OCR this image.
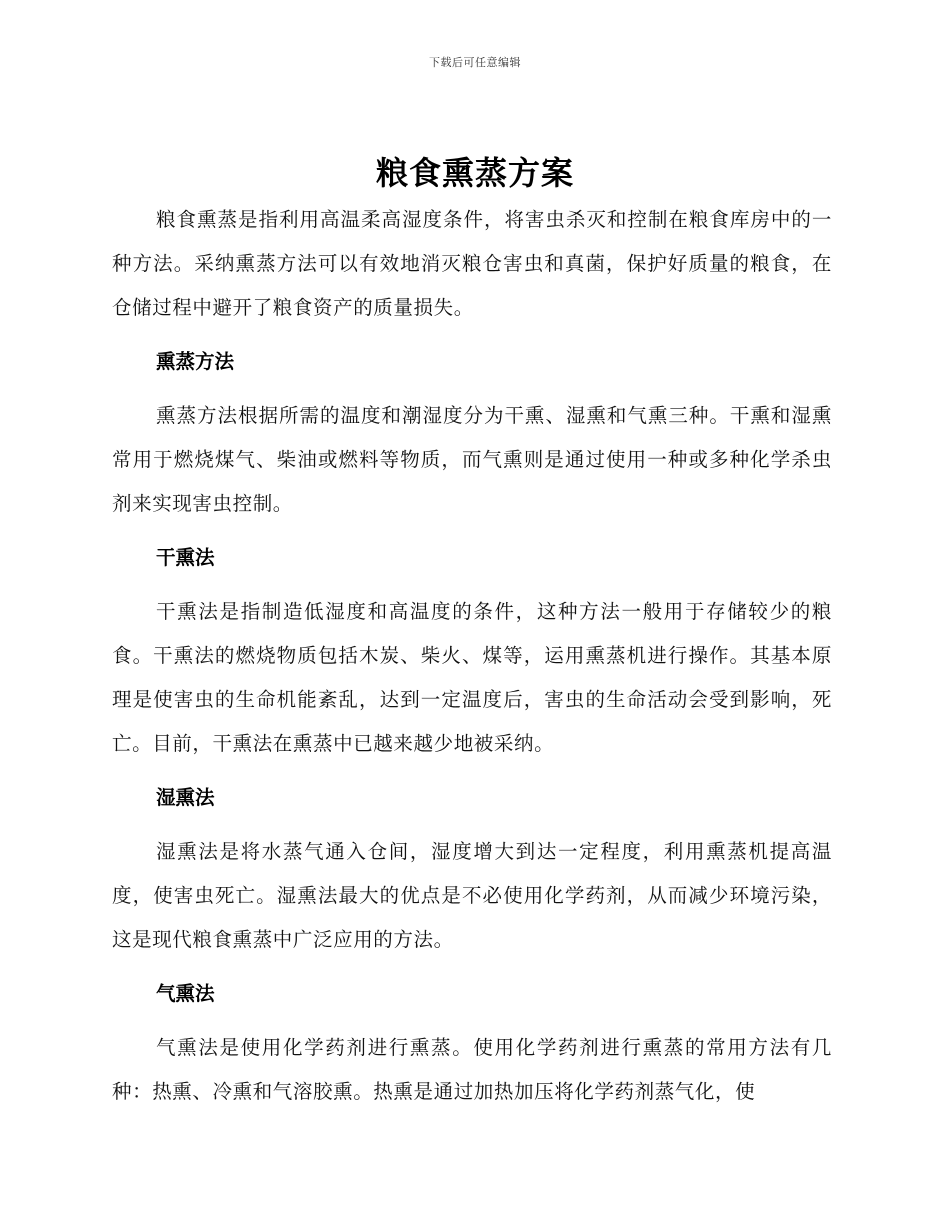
下载后可任意编辑
粮食熏蒸方案

粮食熏蒸是指利用高温柔高湿度条件，将害虫杀灭和控制在粮食库房中的一种方法。采纳熏蒸方法可以有效地消灭粮仓害虫和真菌，保护好质量的粮食，在仓储过程中避开了粮食资产的质量损失。

熏蒸方法

熏蒸方法根据所需的温度和潮湿度分为干熏、湿熏和气熏三种。干熏和湿熏常用于燃烧煤气、柴油或燃料等物质，而气熏则是通过使用一种或多种化学杀虫剂来实现害虫控制。

干熏法

干熏法是指制造低湿度和高温度的条件，这种方法一般用于存储较少的粮食。干熏法的燃烧物质包括木炭、柴火、煤等，运用熏蒸机进行操作。其基本原理是使害虫的生命机能紊乱，达到一定温度后，害虫的生命活动会受到影响，死亡。目前，干熏法在熏蒸中已越来越少地被采纳。

湿熏法

湿熏法是将水蒸气通入仓间，湿度增大到达一定程度，利用熏蒸机提高温度，使害虫死亡。湿熏法最大的优点是不必使用化学药剂，从而减少环境污染，这是现代粮食熏蒸中广泛应用的方法。

气熏法

气熏法是使用化学药剂进行熏蒸。使用化学药剂进行熏蒸的常用方法有几种：热熏、冷熏和气溶胶熏。热熏是通过加热加压将化学药剂蒸气化，使
